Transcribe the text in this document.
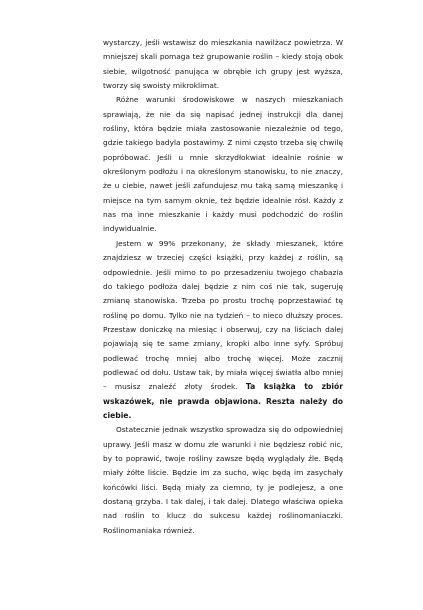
wystarczy, jeśli wstawisz do mieszkania nawilżacz powietrza. W mniejszej skali pomaga też grupowanie roślin – kiedy stoją obok siebie, wilgotność panująca w obrębie ich grupy jest wyższa, tworzy się swoisty mikroklimat.

Różne warunki środowiskowe w naszych mieszkaniach sprawiają, że nie da się napisać jednej instrukcji dla danej rośliny, która będzie miała zastosowanie niezależnie od tego, gdzie takiego badyla postawimy. Z nimi często trzeba się chwilę popróbować. Jeśli u mnie skrzydłokwiat idealnie rośnie w określonym podłożu i na określonym stanowisku, to nie znaczy, że u ciebie, nawet jeśli zafundujesz mu taką samą mieszankę i miejsce na tym samym oknie, też będzie idealnie rósł. Każdy z nas ma inne mieszkanie i każdy musi podchodzić do roślin indywidualnie.

Jestem w 99% przekonany, że składy mieszanek, które znajdziesz w trzeciej części książki, przy każdej z roślin, są odpowiednie. Jeśli mimo to po przesadzeniu twojego chabazia do takiego podłoża dalej będzie z nim coś nie tak, sugeruję zmianę stanowiska. Trzeba po prostu trochę poprzestawiać tę roślinę po domu. Tylko nie na tydzień – to nieco dłuższy proces. Przestaw doniczkę na miesiąc i obserwuj, czy na liściach dalej pojawiają się te same zmiany, kropki albo inne syfy. Spróbuj podlewać trochę mniej albo trochę więcej. Może zacznij podlewać od dołu. Ustaw tak, by miała więcej światła albo mniej – musisz znaleźć złoty środek. Ta książka to zbiór wskazówek, nie prawda objawiona. Reszta należy do ciebie.

Ostatecznie jednak wszystko sprowadza się do odpowiedniej uprawy. Jeśli masz w domu złe warunki i nie będziesz robić nic, by to poprawić, twoje rośliny zawsze będą wyglądały źle. Będą miały żółte liście. Będzie im za sucho, więc będą im zasychały końcówki liści. Będą miały za ciemno, ty je podlejesz, a one dostaną grzyba. I tak dalej, i tak dalej. Dlatego właściwa opieka nad roślin to klucz do sukcesu każdej roślinomaniaczki. Roślinomaniaka również.
